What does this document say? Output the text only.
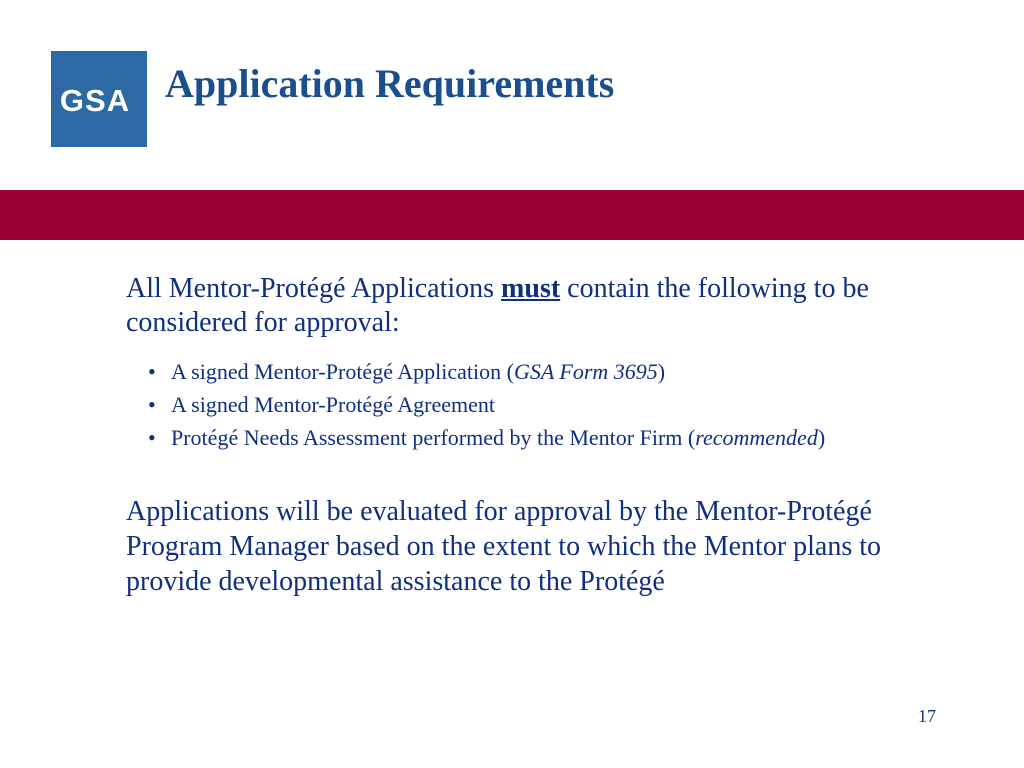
GSA Application Requirements

All Mentor-Protégé Applications must contain the following to be considered for approval:

• A signed Mentor-Protégé Application (GSA Form 3695)
• A signed Mentor-Protégé Agreement
• Protégé Needs Assessment performed by the Mentor Firm (recommended)

Applications will be evaluated for approval by the Mentor-Protégé Program Manager based on the extent to which the Mentor plans to provide developmental assistance to the Protégé

17
